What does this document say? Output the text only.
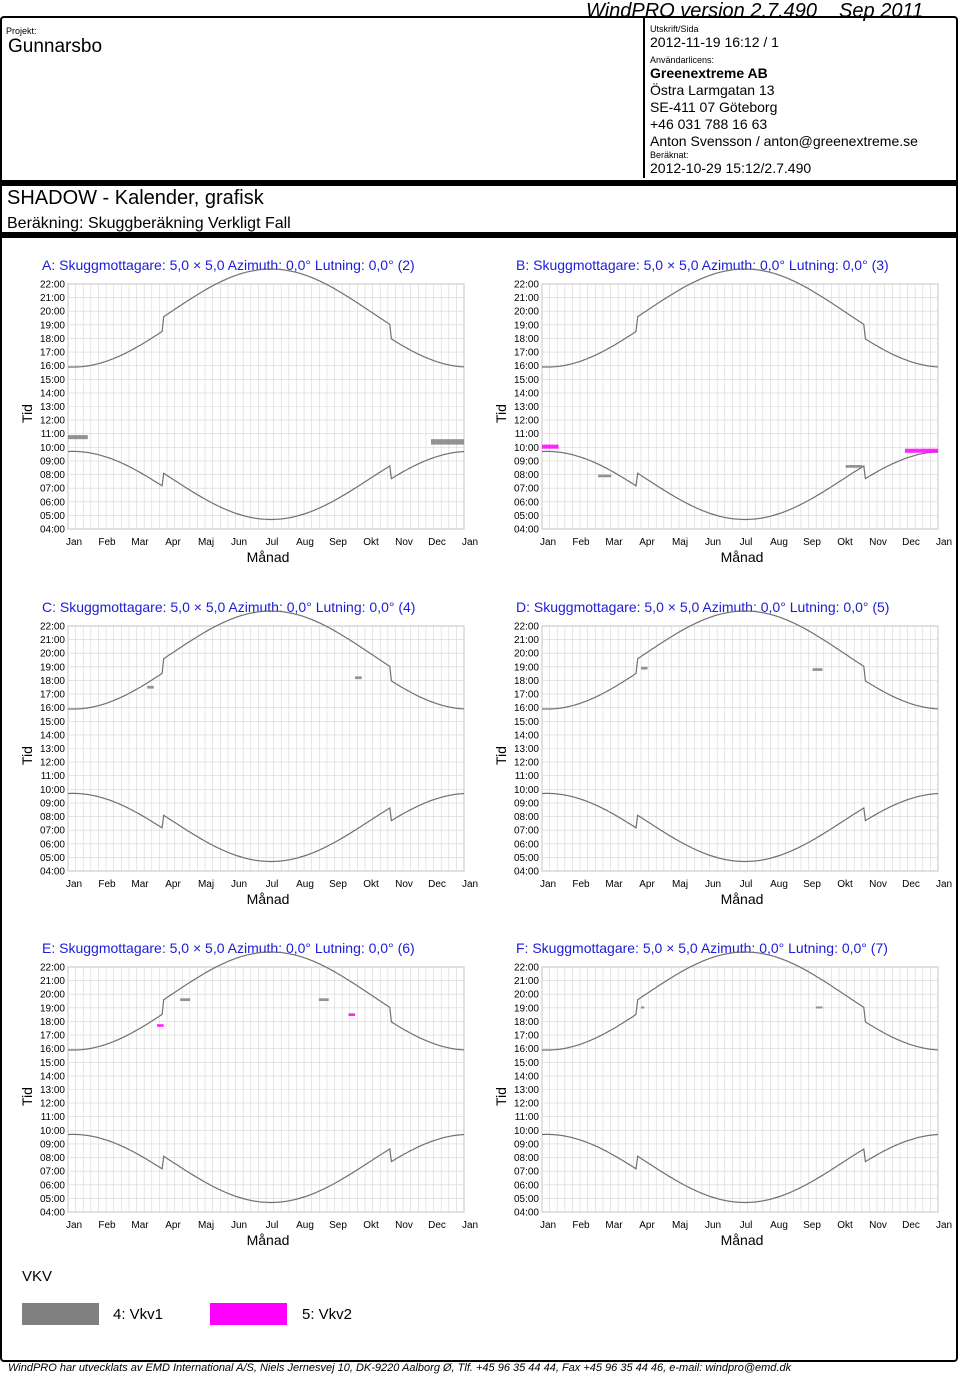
Projekt:
Gunnarsbo
WindPRO version 2.7.490 Sep 2011
Utskrift/Sida
2012-11-19 16:12 / 1
Användarlicens:
Greenextreme AB
Östra Larmgatan 13
SE-411 07 Göteborg
+46 031 788 16 63
Anton Svensson / anton@greenextreme.se
Beräknat:
2012-10-29 15:12/2.7.490
SHADOW - Kalender, grafisk
Beräkning: Skuggberäkning Verkligt Fall
A: Skuggmottagare: 5,0 × 5,0 Azimuth: 0,0° Lutning: 0,0° (2)
22:00
21:00
20:00
19:00
18:00
17:00
16:00
15:00
14:00
13:00
12:00
11:00
10:00
09:00
08:00
07:00
06:00
05:00
04:00
Jan Feb Mar Apr Maj Jun Jul Aug Sep Okt Nov Dec Jan
Månad
Tid
B: Skuggmottagare: 5,0 × 5,0 Azimuth: 0,0° Lutning: 0,0° (3)
22:00
21:00
20:00
19:00
18:00
17:00
16:00
15:00
14:00
13:00
12:00
11:00
10:00
09:00
08:00
07:00
06:00
05:00
04:00
Jan Feb Mar Apr Maj Jun Jul Aug Sep Okt Nov Dec Jan
Månad
Tid
C: Skuggmottagare: 5,0 × 5,0 Azimuth: 0,0° Lutning: 0,0° (4)
22:00
21:00
20:00
19:00
18:00
17:00
16:00
15:00
14:00
13:00
12:00
11:00
10:00
09:00
08:00
07:00
06:00
05:00
04:00
Jan Feb Mar Apr Maj Jun Jul Aug Sep Okt Nov Dec Jan
Månad
Tid
D: Skuggmottagare: 5,0 × 5,0 Azimuth: 0,0° Lutning: 0,0° (5)
22:00
21:00
20:00
19:00
18:00
17:00
16:00
15:00
14:00
13:00
12:00
11:00
10:00
09:00
08:00
07:00
06:00
05:00
04:00
Jan Feb Mar Apr Maj Jun Jul Aug Sep Okt Nov Dec Jan
Månad
Tid
E: Skuggmottagare: 5,0 × 5,0 Azimuth: 0,0° Lutning: 0,0° (6)
22:00
21:00
20:00
19:00
18:00
17:00
16:00
15:00
14:00
13:00
12:00
11:00
10:00
09:00
08:00
07:00
06:00
05:00
04:00
Jan Feb Mar Apr Maj Jun Jul Aug Sep Okt Nov Dec Jan
Månad
Tid
F: Skuggmottagare: 5,0 × 5,0 Azimuth: 0,0° Lutning: 0,0° (7)
22:00
21:00
20:00
19:00
18:00
17:00
16:00
15:00
14:00
13:00
12:00
11:00
10:00
09:00
08:00
07:00
06:00
05:00
04:00
Jan Feb Mar Apr Maj Jun Jul Aug Sep Okt Nov Dec Jan
Månad
Tid
VKV
4: Vkv1	5: Vkv2
WindPRO har utvecklats av EMD International A/S, Niels Jernesvej 10, DK-9220 Aalborg Ø, Tlf. +45 96 35 44 44, Fax +45 96 35 44 46, e-mail: windpro@emd.dk
